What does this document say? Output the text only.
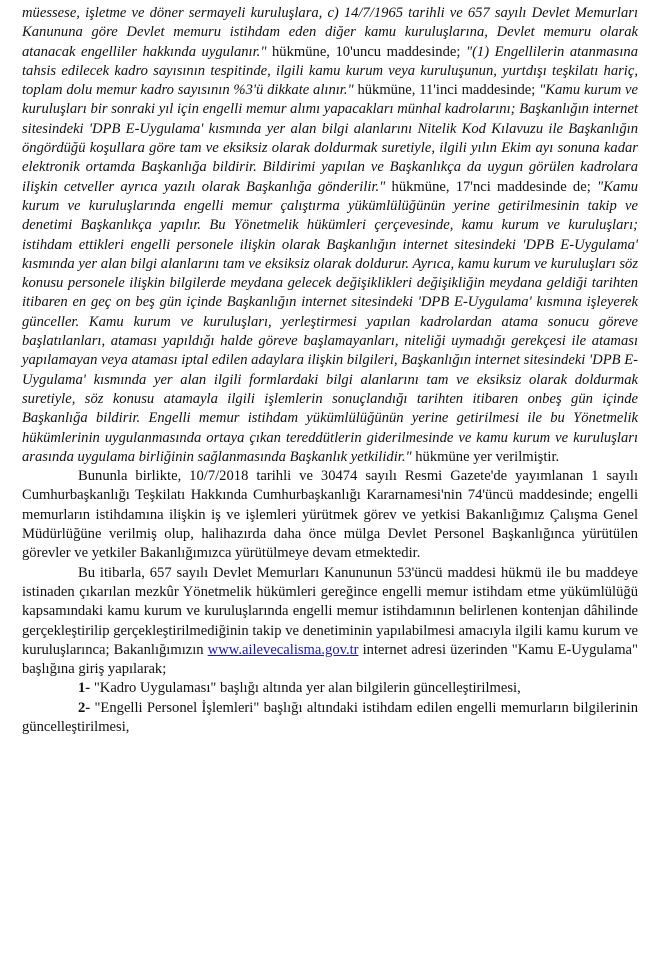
müessese, işletme ve döner sermayeli kuruluşlara, c) 14/7/1965 tarihli ve 657 sayılı Devlet Memurları Kanununa göre Devlet memuru istihdam eden diğer kamu kuruluşlarına, Devlet memuru olarak atanacak engelliler hakkında uygulanır." hükmüne, 10'uncu maddesinde; "(1) Engellilerin atanmasına tahsis edilecek kadro sayısının tespitinde, ilgili kamu kurum veya kuruluşunun, yurtdışı teşkilatı hariç, toplam dolu memur kadro sayısının %3'ü dikkate alınır." hükmüne, 11'inci maddesinde; "Kamu kurum ve kuruluşları bir sonraki yıl için engelli memur alımı yapacakları münhal kadrolarını; Başkanlığın internet sitesindeki 'DPB E-Uygulama' kısmında yer alan bilgi alanlarını Nitelik Kod Kılavuzu ile Başkanlığın öngördüğü koşullara göre tam ve eksiksiz olarak doldurmak suretiyle, ilgili yılın Ekim ayı sonuna kadar elektronik ortamda Başkanlığa bildirir. Bildirimi yapılan ve Başkanlıkça da uygun görülen kadrolara ilişkin cetveller ayrıca yazılı olarak Başkanlığa gönderilir." hükmüne, 17'nci maddesinde de; "Kamu kurum ve kuruluşlarında engelli memur çalıştırma yükümlülüğünün yerine getirilmesinin takip ve denetimi Başkanlıkça yapılır. Bu Yönetmelik hükümleri çerçevesinde, kamu kurum ve kuruluşları; istihdam ettikleri engelli personele ilişkin olarak Başkanlığın internet sitesindeki 'DPB E-Uygulama' kısmında yer alan bilgi alanlarını tam ve eksiksiz olarak doldurur. Ayrıca, kamu kurum ve kuruluşları söz konusu personele ilişkin bilgilerde meydana gelecek değişiklikleri değişikliğin meydana geldiği tarihten itibaren en geç on beş gün içinde Başkanlığın internet sitesindeki 'DPB E-Uygulama' kısmına işleyerek günceller. Kamu kurum ve kuruluşları, yerleştirmesi yapılan kadrolardan atama sonucu göreve başlatılanları, ataması yapıldığı halde göreve başlamayanları, niteliği uymadığı gerekçesi ile ataması yapılamayan veya ataması iptal edilen adaylara ilişkin bilgileri, Başkanlığın internet sitesindeki 'DPB E-Uygulama' kısmında yer alan ilgili formlardaki bilgi alanlarını tam ve eksiksiz olarak doldurmak suretiyle, söz konusu atamayla ilgili işlemlerin sonuçlandığı tarihten itibaren onbeş gün içinde Başkanlığa bildirir. Engelli memur istihdam yükümlülüğünün yerine getirilmesi ile bu Yönetmelik hükümlerinin uygulanmasında ortaya çıkan tereddütlerin giderilmesinde ve kamu kurum ve kuruluşları arasında uygulama birliğinin sağlanmasında Başkanlık yetkilidir." hükmüne yer verilmiştir.

Bununla birlikte, 10/7/2018 tarihli ve 30474 sayılı Resmi Gazete'de yayımlanan 1 sayılı Cumhurbaşkanlığı Teşkilatı Hakkında Cumhurbaşkanlığı Kararnamesi'nin 74'üncü maddesinde; engelli memurların istihdamına ilişkin iş ve işlemleri yürütmek görev ve yetkisi Bakanlığımız Çalışma Genel Müdürlüğüne verilmiş olup, halihazırda daha önce mülga Devlet Personel Başkanlığınca yürütülen görevler ve yetkiler Bakanlığımızca yürütülmeye devam etmektedir.

Bu itibarla, 657 sayılı Devlet Memurları Kanununun 53'üncü maddesi hükmü ile bu maddeye istinaden çıkarılan mezkûr Yönetmelik hükümleri gereğince engelli memur istihdam etme yükümlülüğü kapsamındaki kamu kurum ve kuruluşlarında engelli memur istihdamının belirlenen kontenjan dâhilinde gerçekleştirilip gerçekleştirilmediğinin takip ve denetiminin yapılabilmesi amacıyla ilgili kamu kurum ve kuruluşlarınca; Bakanlığımızın www.ailevecalisma.gov.tr internet adresi üzerinden "Kamu E-Uygulama" başlığına giriş yapılarak;

1- "Kadro Uygulaması" başlığı altında yer alan bilgilerin güncelleştirilmesi,

2- "Engelli Personel İşlemleri" başlığı altındaki istihdam edilen engelli memurların bilgilerinin güncelleştirilmesi,
